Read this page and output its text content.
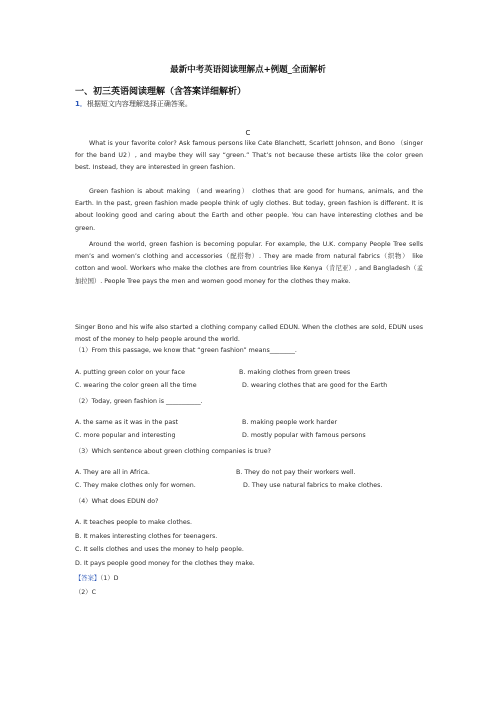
最新中考英语阅读理解点+例题_全面解析
一、初三英语阅读理解（含答案详细解析）
1．根据短文内容理解选择正确答案。
C

What is your favorite color? Ask famous persons like Cate Blanchett, Scarlett Johnson, and Bono （singer for the band U2）, and maybe they will say “green.” That’s not because these artists like the color green best. Instead, they are interested in green fashion.

Green fashion is about making （and wearing） clothes that are good for humans, animals, and the Earth. In the past, green fashion made people think of ugly clothes. But today, green fashion is different. It is about looking good and caring about the Earth and other people. You can have interesting clothes and be green.

Around the world, green fashion is becoming popular. For example, the U.K. company People Tree sells men’s and women’s clothing and accessories（配搭物）. They are made from natural fabrics（织物） like cotton and wool. Workers who make the clothes are from countries like Kenya（肯尼亚）, and Bangladesh（孟加拉国）. People Tree pays the men and women good money for the clothes they make.

Singer Bono and his wife also started a clothing company called EDUN. When the clothes are sold, EDUN uses most of the money to help people around the world.

（1）From this passage, we know that “green fashion” means________.
A. putting green color on your face	B. making clothes from green trees
C. wearing the color green all the time	D. wearing clothes that are good for the Earth
（2）Today, green fashion is ___________.
A. the same as it was in the past	B. making people work harder
C. more popular and interesting	D. mostly popular with famous persons
（3）Which sentence about green clothing companies is true?
A. They are all in Africa.	B. They do not pay their workers well.
C. They make clothes only for women.	D. They use natural fabrics to make clothes.
（4）What does EDUN do?
A. It teaches people to make clothes.
B. It makes interesting clothes for teenagers.
C. It sells clothes and uses the money to help people.
D. It pays people good money for the clothes they make.
【答案】（1）D
（2）C
